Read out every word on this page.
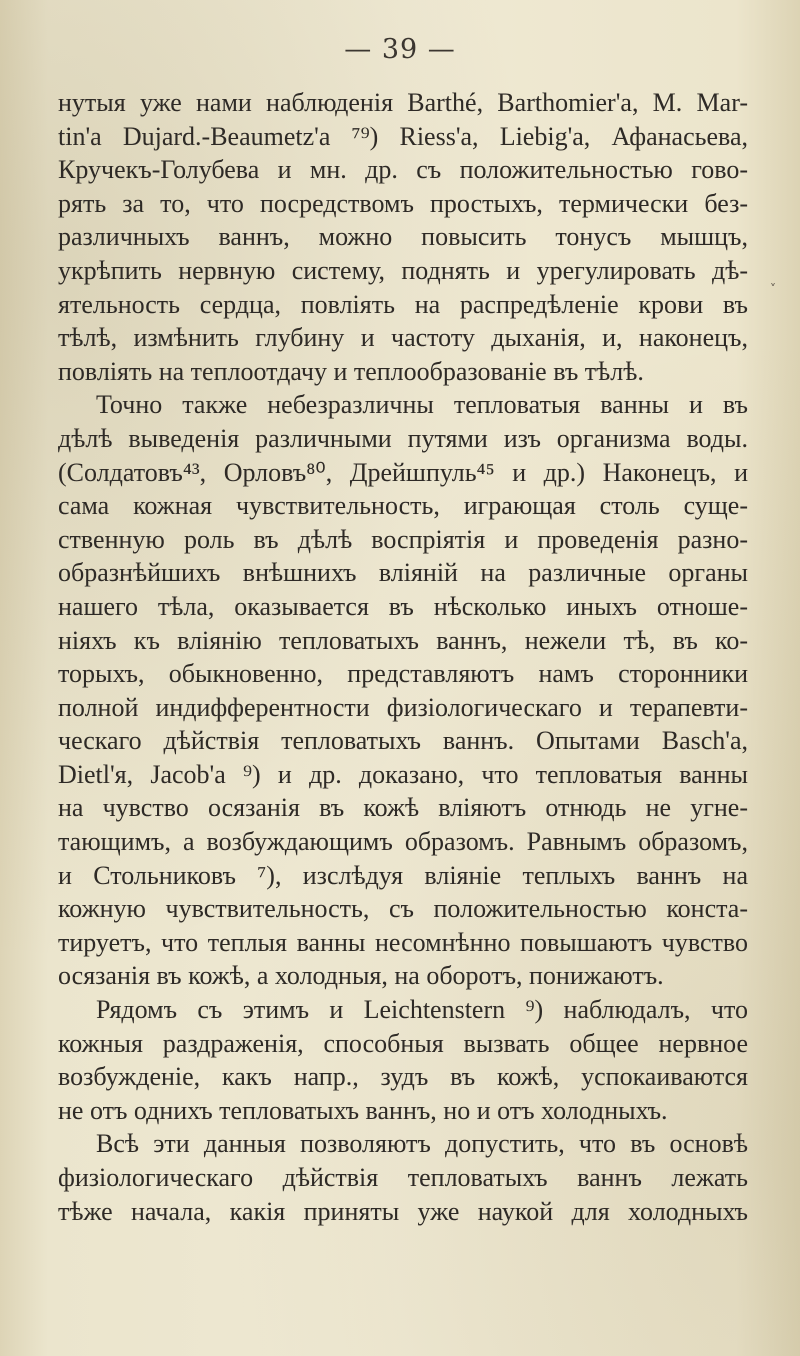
— 39 —
ˬ
нутыя уже нами наблюденія Barthé, Barthomier'а, M. Mar-
tin'a Dujard.-Beaumetz'a ⁷⁹) Riess'a, Liebig'a, Афанасьева,
Кручекъ-Голубева и мн. др. съ положительностью гово-
рять за то, что посредствомъ простыхъ, термически без-
различныхъ ваннъ, можно повысить тонусъ мышцъ,
укрѣпить нервную систему, поднять и урегулировать дѣ-
ятельность сердца, повліять на распредѣленіе крови въ
тѣлѣ, измѣнить глубину и частоту дыханія, и, наконецъ,
повліять на теплоотдачу и теплообразованіе въ тѣлѣ.
Точно также небезразличны тепловатыя ванны и въ
дѣлѣ выведенія различными путями изъ организма воды.
(Солдатовъ⁴³, Орловъ⁸⁰, Дрейшпуль⁴⁵ и др.) Наконецъ, и
сама кожная чувствительность, играющая столь суще-
ственную роль въ дѣлѣ воспріятія и проведенія разно-
образнѣйшихъ внѣшнихъ вліяній на различные органы
нашего тѣла, оказывается въ нѣсколько иныхъ отноше-
ніяхъ къ вліянію тепловатыхъ ваннъ, нежели тѣ, въ ко-
торыхъ, обыкновенно, представляютъ намъ сторонники
полной индифферентности физіологическаго и терапевти-
ческаго дѣйствія тепловатыхъ ваннъ. Опытами Basch'a,
Dietl'я, Jacob'а ⁹) и др. доказано, что тепловатыя ванны
на чувство осязанія въ кожѣ вліяютъ отнюдь не угне-
тающимъ, а возбуждающимъ образомъ. Равнымъ образомъ,
и Стольниковъ ⁷), изслѣдуя вліяніе теплыхъ ваннъ на
кожную чувствительность, съ положительностью конста-
тируетъ, что теплыя ванны несомнѣнно повышаютъ чувство
осязанія въ кожѣ, а холодныя, на оборотъ, понижаютъ.
Рядомъ съ этимъ и Leichtenstern ⁹) наблюдалъ, что
кожныя раздраженія, способныя вызвать общее нервное
возбужденіе, какъ напр., зудъ въ кожѣ, успокаиваются
не отъ однихъ тепловатыхъ ваннъ, но и отъ холодныхъ.
Всѣ эти данныя позволяютъ допустить, что въ основѣ
физіологическаго дѣйствія тепловатыхъ ваннъ лежать
тѣже начала, какія приняты уже наукой для холодныхъ
